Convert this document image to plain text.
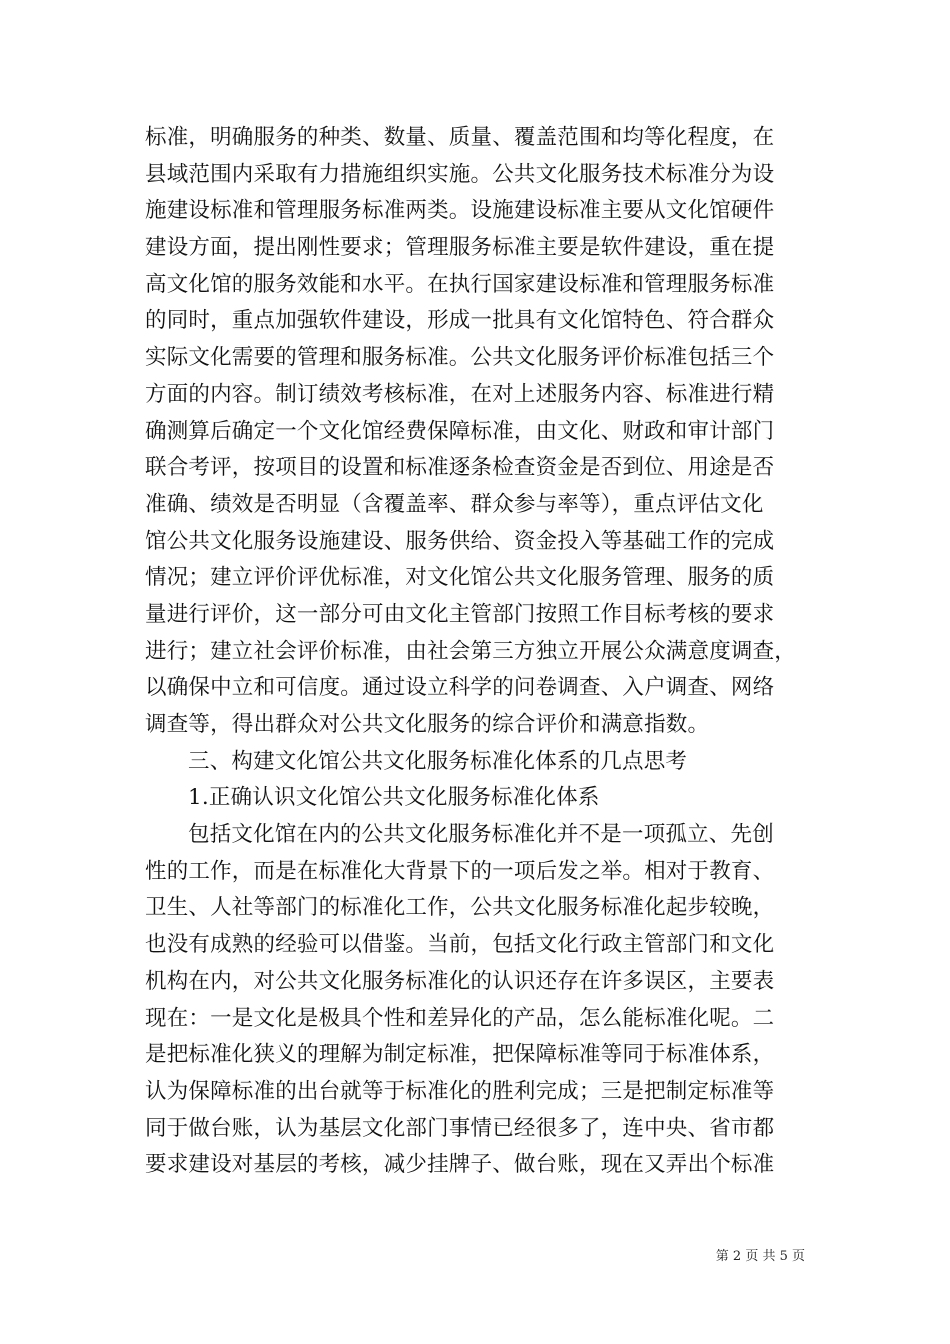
标准，明确服务的种类、数量、质量、覆盖范围和均等化程度，在
县域范围内采取有力措施组织实施。公共文化服务技术标准分为设
施建设标准和管理服务标准两类。设施建设标准主要从文化馆硬件
建设方面，提出刚性要求；管理服务标准主要是软件建设，重在提
高文化馆的服务效能和水平。在执行国家建设标准和管理服务标准
的同时，重点加强软件建设，形成一批具有文化馆特色、符合群众
实际文化需要的管理和服务标准。公共文化服务评价标准包括三个
方面的内容。制订绩效考核标准，在对上述服务内容、标准进行精
确测算后确定一个文化馆经费保障标准，由文化、财政和审计部门
联合考评，按项目的设置和标准逐条检查资金是否到位、用途是否
准确、绩效是否明显（含覆盖率、群众参与率等），重点评估文化
馆公共文化服务设施建设、服务供给、资金投入等基础工作的完成
情况；建立评价评优标准，对文化馆公共文化服务管理、服务的质
量进行评价，这一部分可由文化主管部门按照工作目标考核的要求
进行；建立社会评价标准，由社会第三方独立开展公众满意度调查，
以确保中立和可信度。通过设立科学的问卷调查、入户调查、网络
调查等，得出群众对公共文化服务的综合评价和满意指数。
三、构建文化馆公共文化服务标准化体系的几点思考
1.正确认识文化馆公共文化服务标准化体系
包括文化馆在内的公共文化服务标准化并不是一项孤立、先创
性的工作，而是在标准化大背景下的一项后发之举。相对于教育、
卫生、人社等部门的标准化工作，公共文化服务标准化起步较晚，
也没有成熟的经验可以借鉴。当前，包括文化行政主管部门和文化
机构在内，对公共文化服务标准化的认识还存在许多误区，主要表
现在：一是文化是极具个性和差异化的产品，怎么能标准化呢。二
是把标准化狭义的理解为制定标准，把保障标准等同于标准体系，
认为保障标准的出台就等于标准化的胜利完成；三是把制定标准等
同于做台账，认为基层文化部门事情已经很多了，连中央、省市都
要求建设对基层的考核，减少挂牌子、做台账，现在又弄出个标准
第 2 页 共 5 页
